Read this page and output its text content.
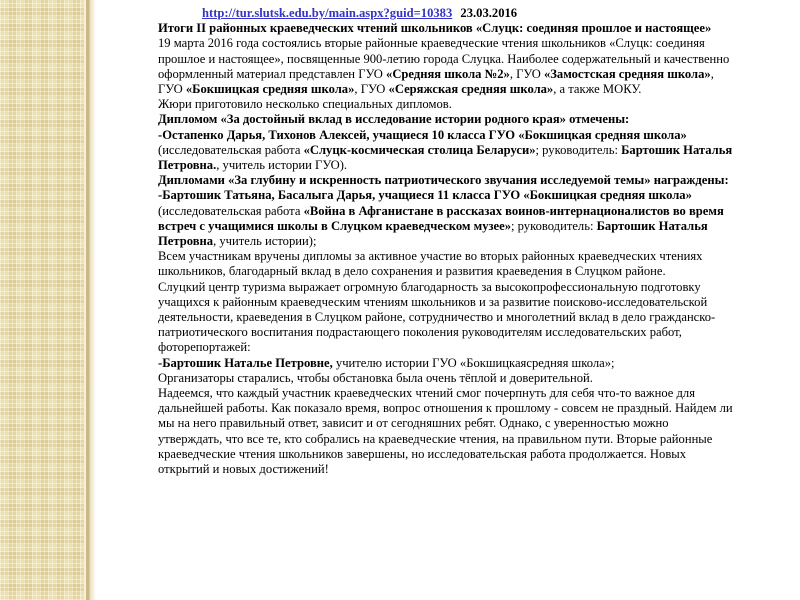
http://tur.slutsk.edu.by/main.aspx?guid=10383 23.03.2016

Итоги II районных краеведческих чтений школьников «Слуцк: соединяя прошлое и настоящее»

19 марта 2016 года состоялись вторые районные краеведческие чтения школьников «Слуцк: соединяя прошлое и настоящее», посвященные 900-летию города Слуцка. Наиболее содержательный и качественно оформленный материал представлен ГУО «Средняя школа №2», ГУО «Замостская средняя школа», ГУО «Бокшицкая средняя школа», ГУО «Серяжская средняя школа», а также МОКУ.

Жюри приготовило несколько специальных дипломов.

Дипломом «За достойный вклад в исследование истории родного края» отмечены:

-Остапенко Дарья, Тихонов Алексей, учащиеся 10 класса ГУО «Бокшицкая средняя школа» (исследовательская работа «Слуцк-космическая столица Беларуси»; руководитель: Бартошик Наталья Петровна., учитель истории ГУО).

Дипломами «За глубину и искренность патриотического звучания исследуемой темы» награждены:

-Бартошик Татьяна, Басалыга Дарья, учащиеся 11 класса ГУО «Бокшицкая средняя школа» (исследовательская работа «Война в Афганистане в рассказах воинов-интернационалистов во время встреч с учащимися школы в Слуцком краеведческом музее»; руководитель: Бартошик Наталья Петровна, учитель истории);

Всем участникам вручены дипломы за активное участие во вторых районных краеведческих чтениях школьников, благодарный вклад в дело сохранения и развития краеведения в Слуцком районе.

Слуцкий центр туризма выражает огромную благодарность за высокопрофессиональную подготовку учащихся к районным краеведческим чтениям школьников и за развитие поисково-исследовательской деятельности, краеведения в Слуцком районе, сотрудничество и многолетний вклад в дело гражданско-патриотического воспитания подрастающего поколения руководителям исследовательских работ, фоторепортажей:

-Бартошик Наталье Петровне, учителю истории ГУО «Бокшицкаясредняя школа»;

Организаторы старались, чтобы обстановка была очень тёплой и доверительной.

Надеемся, что каждый участник краеведческих чтений смог почерпнуть для себя что-то важное для дальнейшей работы. Как показало время, вопрос отношения к прошлому - совсем не праздный. Найдем ли мы на него правильный ответ, зависит и от сегодняшних ребят. Однако, с уверенностью можно утверждать, что все те, кто собрались на краеведческие чтения, на правильном пути. Вторые районные краеведческие чтения школьников завершены, но исследовательская работа продолжается. Новых открытий и новых достижений!
